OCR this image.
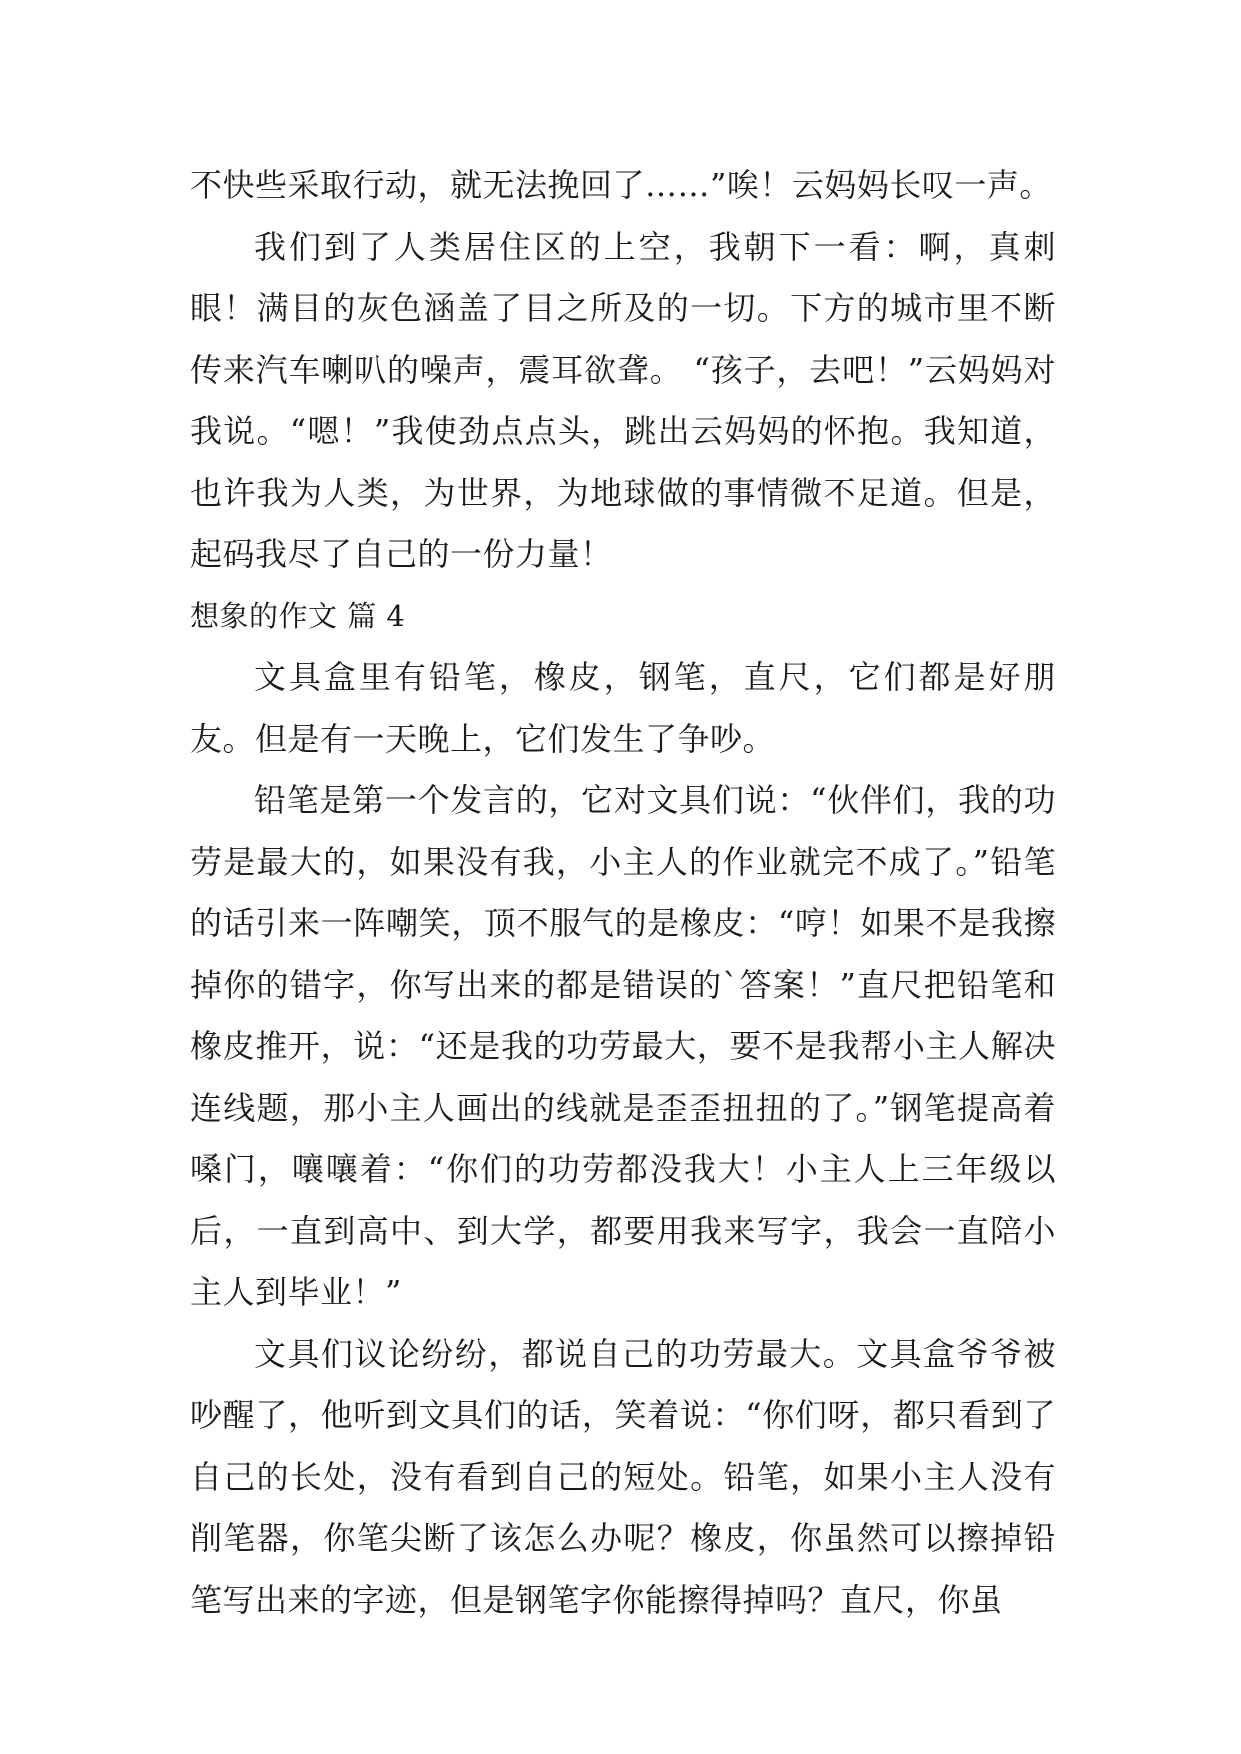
不快些采取行动，就无法挽回了……”唉！云妈妈长叹一声。

我们到了人类居住区的上空，我朝下一看：啊，真刺眼！满目的灰色涵盖了目之所及的一切。下方的城市里不断传来汽车喇叭的噪声，震耳欲聋。 “孩子，去吧！”云妈妈对我说。“嗯！”我使劲点点头，跳出云妈妈的怀抱。我知道，也许我为人类，为世界，为地球做的事情微不足道。但是，起码我尽了自己的一份力量！

想象的作文 篇 4

文具盒里有铅笔，橡皮，钢笔，直尺，它们都是好朋友。但是有一天晚上，它们发生了争吵。

铅笔是第一个发言的，它对文具们说：“伙伴们，我的功劳是最大的，如果没有我，小主人的作业就完不成了。”铅笔的话引来一阵嘲笑，顶不服气的是橡皮：“哼！如果不是我擦掉你的错字，你写出来的都是错误的`答案！”直尺把铅笔和橡皮推开，说：“还是我的功劳最大，要不是我帮小主人解决连线题，那小主人画出的线就是歪歪扭扭的了。”钢笔提高着嗓门，嚷嚷着：“你们的功劳都没我大！小主人上三年级以后，一直到高中、到大学，都要用我来写字，我会一直陪小主人到毕业！”

文具们议论纷纷，都说自己的功劳最大。文具盒爷爷被吵醒了，他听到文具们的话，笑着说：“你们呀，都只看到了自己的长处，没有看到自己的短处。铅笔，如果小主人没有削笔器，你笔尖断了该怎么办呢？橡皮，你虽然可以擦掉铅笔写出来的字迹，但是钢笔字你能擦得掉吗？直尺，你虽
